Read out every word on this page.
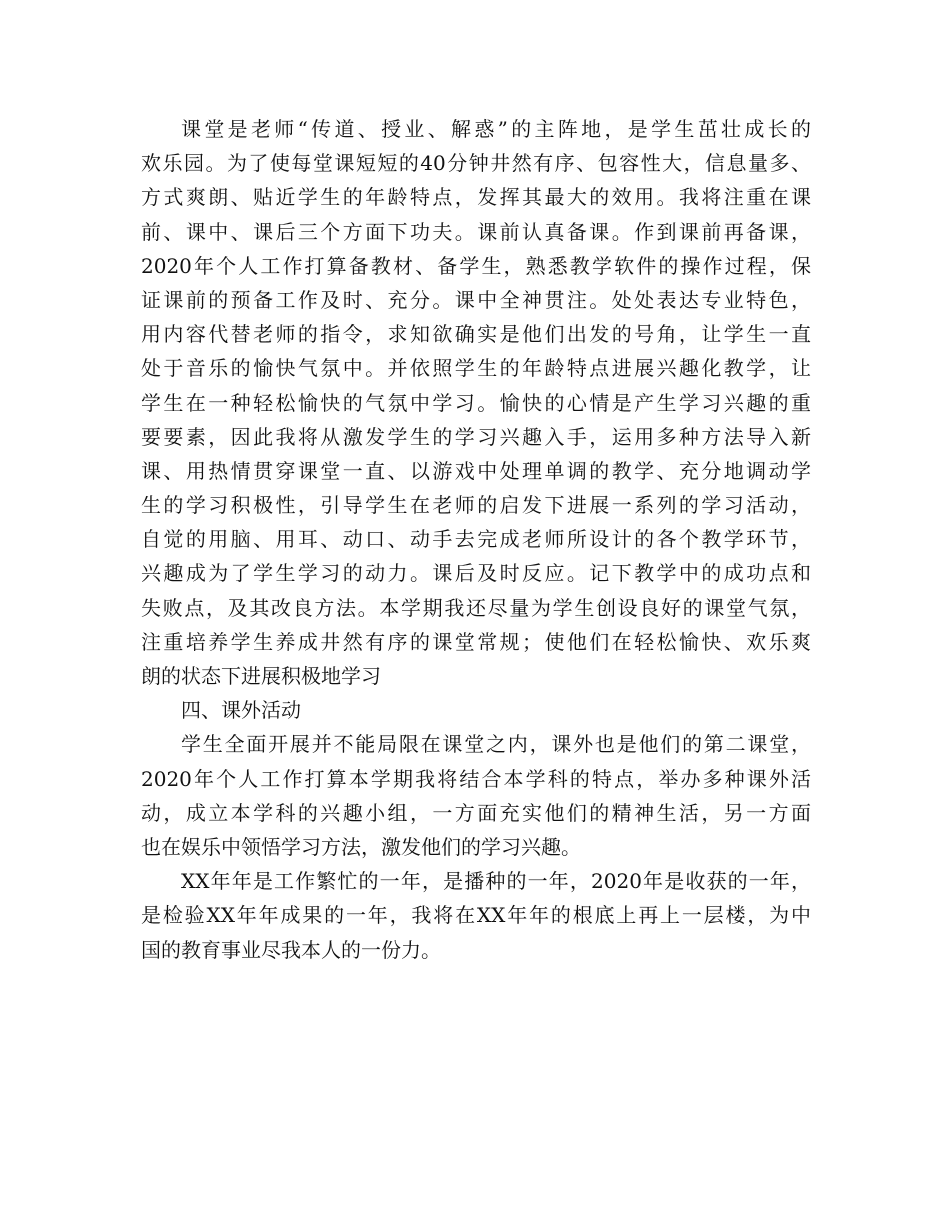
课堂是老师“传道、授业、解惑”的主阵地，是学生茁壮成长的
欢乐园。为了使每堂课短短的40分钟井然有序、包容性大，信息量多、
方式爽朗、贴近学生的年龄特点，发挥其最大的效用。我将注重在课
前、课中、课后三个方面下功夫。课前认真备课。作到课前再备课，
2020年个人工作打算备教材、备学生，熟悉教学软件的操作过程，保
证课前的预备工作及时、充分。课中全神贯注。处处表达专业特色，
用内容代替老师的指令，求知欲确实是他们出发的号角，让学生一直
处于音乐的愉快气氛中。并依照学生的年龄特点进展兴趣化教学，让
学生在一种轻松愉快的气氛中学习。愉快的心情是产生学习兴趣的重
要要素，因此我将从激发学生的学习兴趣入手，运用多种方法导入新
课、用热情贯穿课堂一直、以游戏中处理单调的教学、充分地调动学
生的学习积极性，引导学生在老师的启发下进展一系列的学习活动，
自觉的用脑、用耳、动口、动手去完成老师所设计的各个教学环节，
兴趣成为了学生学习的动力。课后及时反应。记下教学中的成功点和
失败点，及其改良方法。本学期我还尽量为学生创设良好的课堂气氛，
注重培养学生养成井然有序的课堂常规；使他们在轻松愉快、欢乐爽
朗的状态下进展积极地学习
四、课外活动
学生全面开展并不能局限在课堂之内，课外也是他们的第二课堂，
2020年个人工作打算本学期我将结合本学科的特点，举办多种课外活
动，成立本学科的兴趣小组，一方面充实他们的精神生活，另一方面
也在娱乐中领悟学习方法，激发他们的学习兴趣。
XX年年是工作繁忙的一年，是播种的一年，2020年是收获的一年，
是检验XX年年成果的一年，我将在XX年年的根底上再上一层楼，为中
国的教育事业尽我本人的一份力。
